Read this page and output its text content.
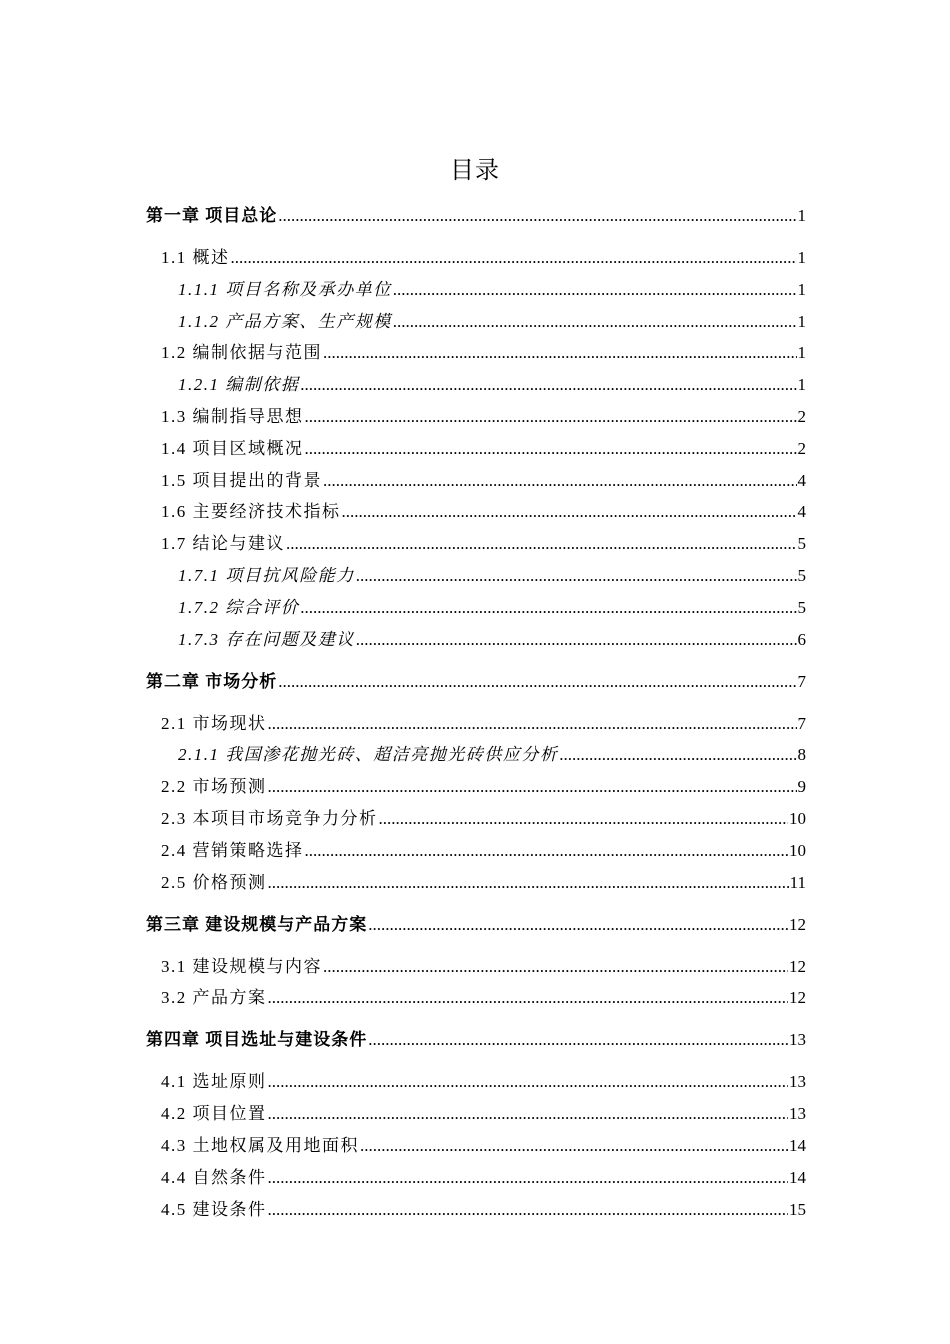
目录
第一章 项目总论 .....	1
1.1 概述 .....	1
1.1.1 项目名称及承办单位 .....	1
1.1.2 产品方案、生产规模 .....	1
1.2 编制依据与范围 .....	1
1.2.1 编制依据 .....	1
1.3 编制指导思想 .....	2
1.4 项目区域概况 .....	2
1.5 项目提出的背景 .....	4
1.6 主要经济技术指标 .....	4
1.7 结论与建议 .....	5
1.7.1 项目抗风险能力 .....	5
1.7.2 综合评价 .....	5
1.7.3 存在问题及建议 .....	6
第二章 市场分析 .....	7
2.1 市场现状 .....	7
2.1.1 我国渗花抛光砖、超洁亮抛光砖供应分析 .....	8
2.2 市场预测 .....	9
2.3 本项目市场竞争力分析 .....	10
2.4 营销策略选择 .....	10
2.5 价格预测 .....	11
第三章 建设规模与产品方案 .....	12
3.1 建设规模与内容 .....	12
3.2 产品方案 .....	12
第四章 项目选址与建设条件 .....	13
4.1 选址原则 .....	13
4.2 项目位置 .....	13
4.3 土地权属及用地面积 .....	14
4.4 自然条件 .....	14
4.5 建设条件 .....	15
